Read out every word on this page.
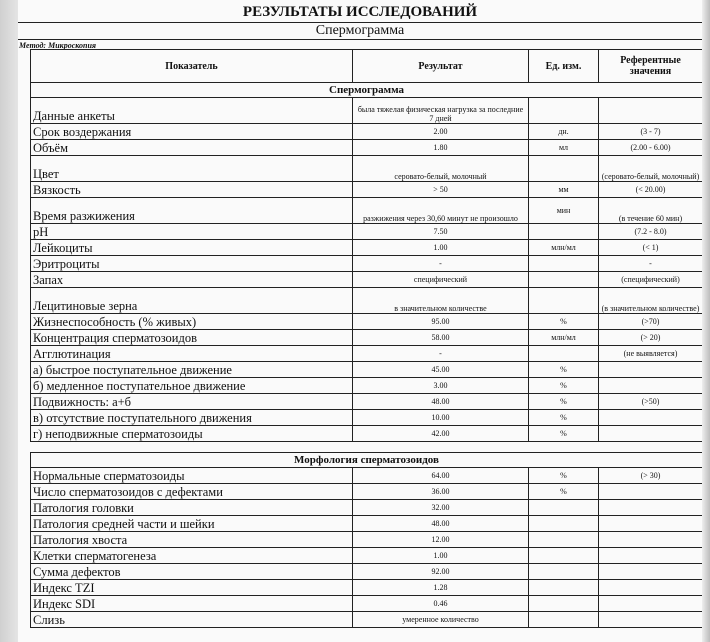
РЕЗУЛЬТАТЫ ИССЛЕДОВАНИЙ
Спермограмма
Метод: Микроскопия
Показатель	Результат	Ед. изм.	Референтные значения
Спермограмма			
Данные анкеты	была тяжелая физическая нагрузка за последние 7 дней		
Срок воздержания	2.00	дн.	(3 - 7)
Объём	1.80	мл	(2.00 - 6.00)
Цвет	серовато-белый, молочный		(серовато-белый, молочный)
Вязкость	> 50	мм	(< 20.00)
Время разжижения	разжижения через 30,60 минут не произошло	мин	(в течение 60 мин)
pH	7.50		(7.2 - 8.0)
Лейкоциты	1.00	млн/мл	(< 1)
Эритроциты	-		-
Запах	специфический		(специфический)
Лецитиновые зерна	в значительном количестве		(в значительном количестве)
Жизнеспособность (% живых)	95.00	%	(>70)
Концентрация сперматозоидов	58.00	млн/мл	(> 20)
Агглютинация	-		(не выявляется)
а) быстрое поступательное движение	45.00	%	
б) медленное поступательное движение	3.00	%	
Подвижность: а+б	48.00	%	(>50)
в) отсутствие поступательного движения	10.00	%	
г) неподвижные сперматозоиды	42.00	%	

Морфология сперматозоидов			
Нормальные сперматозоиды	64.00	%	(> 30)
Число сперматозоидов с дефектами	36.00	%	
Патология головки	32.00		
Патология средней части и шейки	48.00		
Патология хвоста	12.00		
Клетки сперматогенеза	1.00		
Сумма дефектов	92.00		
Индекс TZI	1.28		
Индекс SDI	0.46		
Слизь	умеренное количество		
